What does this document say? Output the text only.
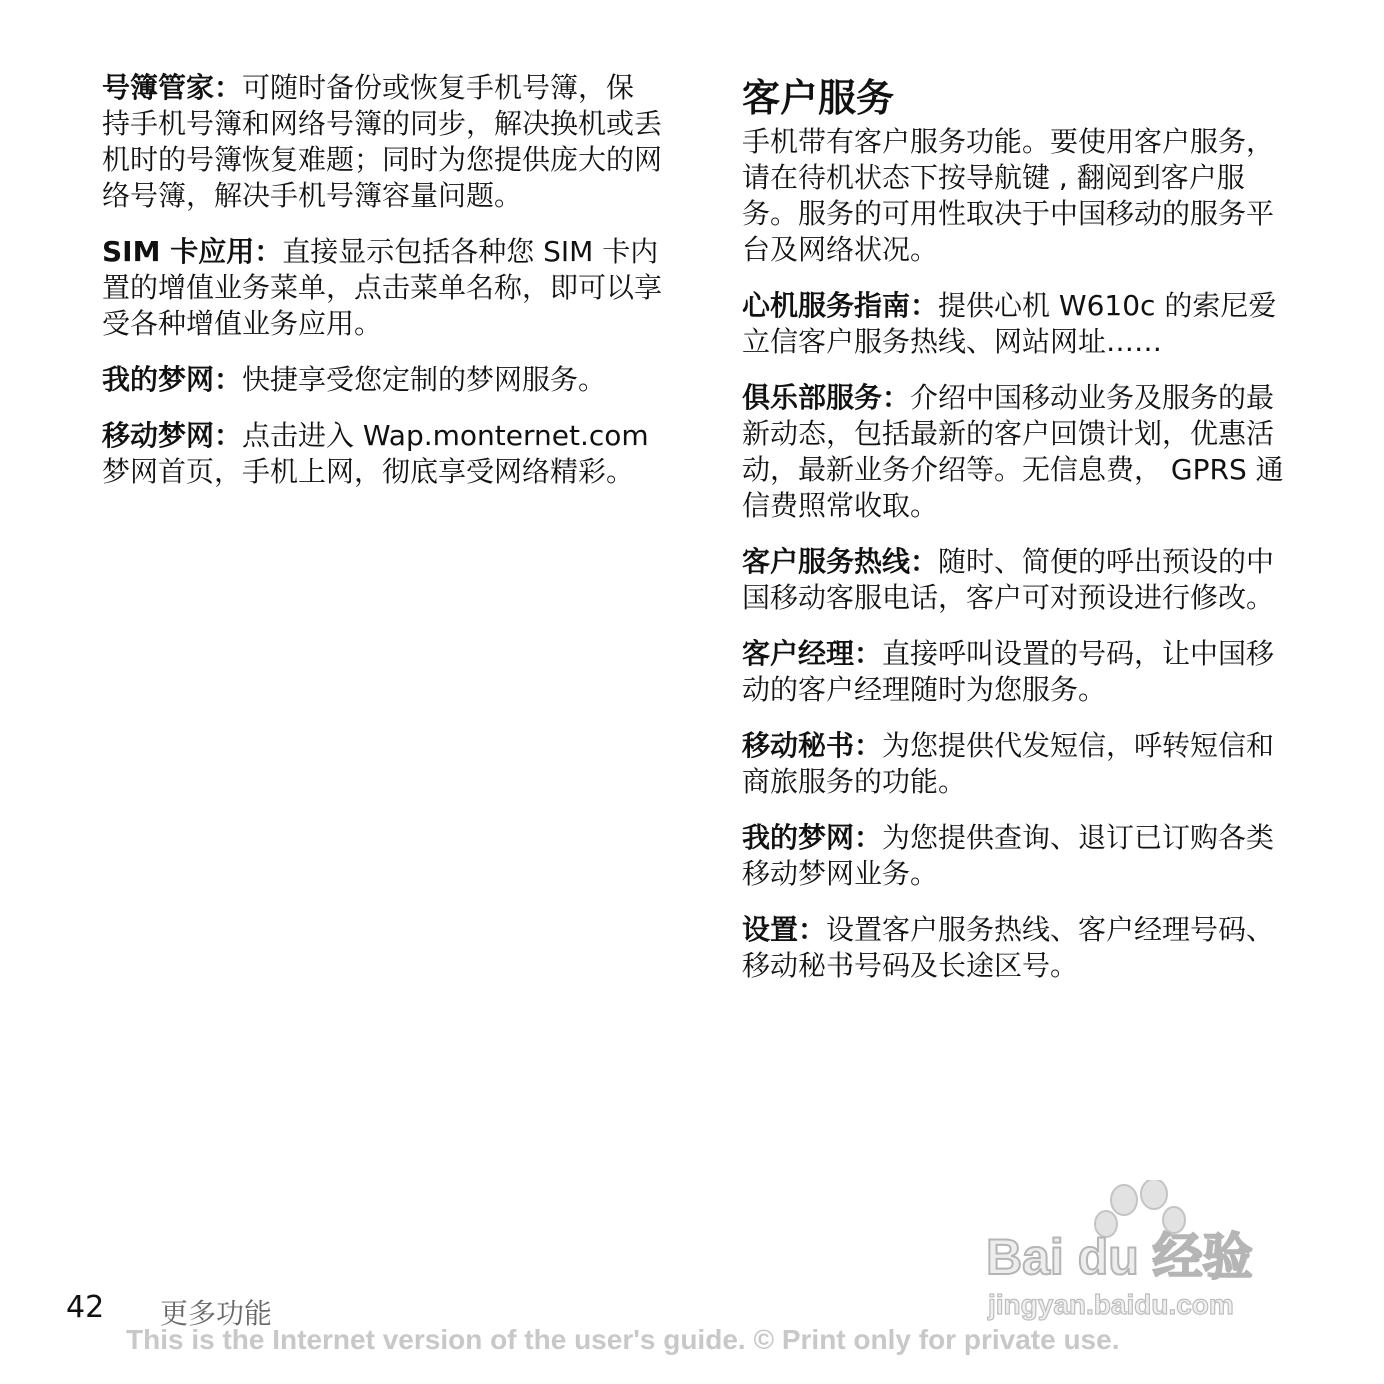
号簿管家：可随时备份或恢复手机号簿，保持手机号簿和网络号簿的同步，解决换机或丢机时的号簿恢复难题；同时为您提供庞大的网络号簿，解决手机号簿容量问题。

SIM 卡应用：直接显示包括各种您 SIM 卡内置的增值业务菜单，点击菜单名称，即可以享受各种增值业务应用。

我的梦网：快捷享受您定制的梦网服务。

移动梦网：点击进入 Wap.monternet.com 梦网首页，手机上网，彻底享受网络精彩。

客户服务

手机带有客户服务功能。要使用客户服务，请在待机状态下按导航键 , 翻阅到客户服务。服务的可用性取决于中国移动的服务平台及网络状况。

心机服务指南：提供心机 W610c 的索尼爱立信客户服务热线、网站网址……

俱乐部服务：介绍中国移动业务及服务的最新动态，包括最新的客户回馈计划，优惠活动，最新业务介绍等。无信息费， GPRS 通信费照常收取。

客户服务热线：随时、简便的呼出预设的中国移动客服电话，客户可对预设进行修改。

客户经理：直接呼叫设置的号码，让中国移动的客户经理随时为您服务。

移动秘书：为您提供代发短信，呼转短信和商旅服务的功能。

我的梦网：为您提供查询、退订已订购各类移动梦网业务。

设置：设置客户服务热线、客户经理号码、移动秘书号码及长途区号。

Bai du 经验
jingyan.baidu.com
42 更多功能
This is the Internet version of the user's guide. © Print only for private use.
